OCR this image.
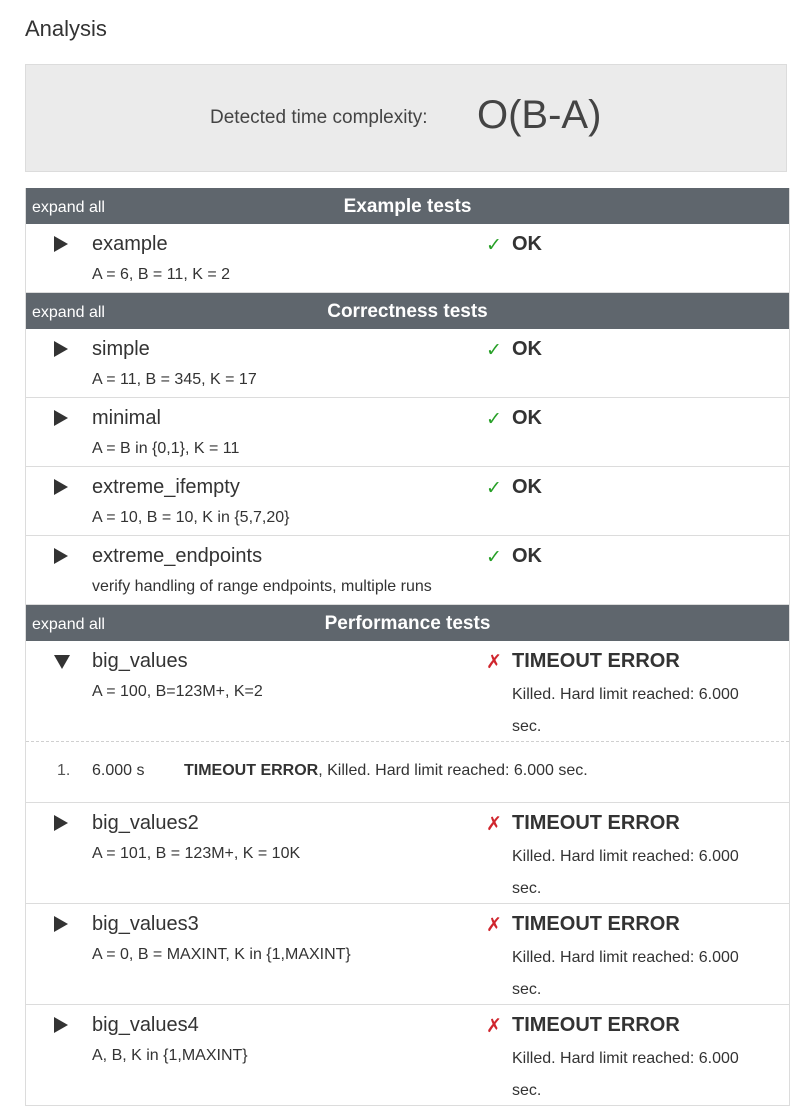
Analysis
Detected time complexity: O(B-A)
expand all	Example tests
example
A = 6, B = 11, K = 2
✓ OK
expand all	Correctness tests
simple
A = 11, B = 345, K = 17
✓ OK
minimal
A = B in {0,1}, K = 11
✓ OK
extreme_ifempty
A = 10, B = 10, K in {5,7,20}
✓ OK
extreme_endpoints
verify handling of range endpoints, multiple runs
✓ OK
expand all	Performance tests
big_values
A = 100, B=123M+, K=2
✗ TIMEOUT ERROR
Killed. Hard limit reached: 6.000 sec.
1. 6.000 s TIMEOUT ERROR, Killed. Hard limit reached: 6.000 sec.
big_values2
A = 101, B = 123M+, K = 10K
✗ TIMEOUT ERROR
Killed. Hard limit reached: 6.000 sec.
big_values3
A = 0, B = MAXINT, K in {1,MAXINT}
✗ TIMEOUT ERROR
Killed. Hard limit reached: 6.000 sec.
big_values4
A, B, K in {1,MAXINT}
✗ TIMEOUT ERROR
Killed. Hard limit reached: 6.000 sec.
